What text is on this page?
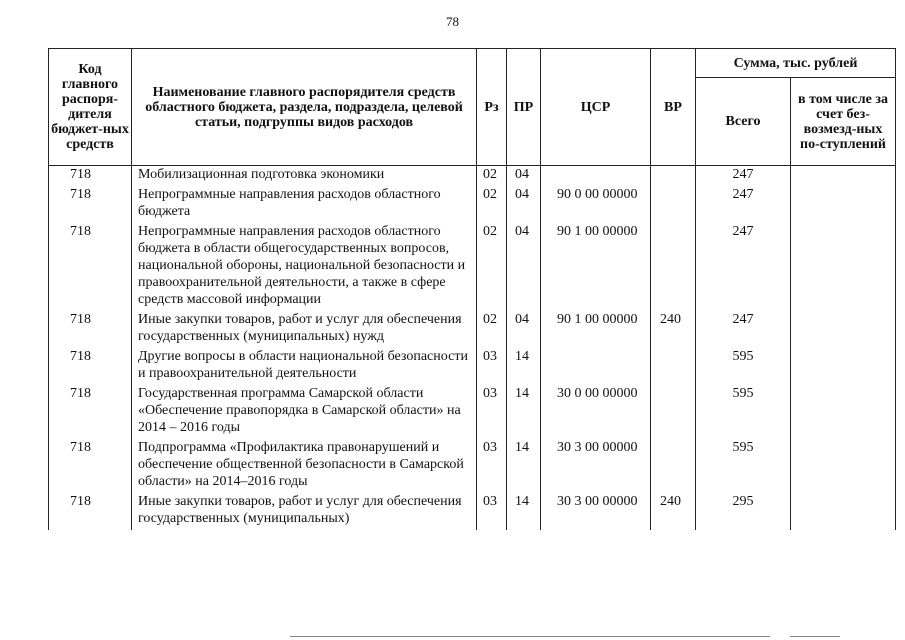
78
Код главного распоря-дителя бюджет-ных средств	Наименование главного распорядителя средств областного бюджета, раздела, подраздела, целевой статьи, подгруппы видов расходов	Рз	ПР	ЦСР	ВР	Сумма, тыс. рублей	
						Всего	в том числе за счет без-возмезд-ных по-ступлений
718	Мобилизационная подготовка экономики	02	04			247	
718	Непрограммные направления расходов областного бюджета	02	04	90 0 00 00000		247	
718	Непрограммные направления расходов областного бюджета в области общегосударственных вопросов, национальной обороны, национальной безопасности и правоохранительной деятельности, а также в сфере средств массовой информации	02	04	90 1 00 00000		247	
718	Иные закупки товаров, работ и услуг для обеспечения государственных (муниципальных) нужд	02	04	90 1 00 00000	240	247	
718	Другие вопросы в области национальной безопасности и правоохранительной деятельности	03	14			595	
718	Государственная программа Самарской области «Обеспечение правопорядка в Самарской области» на 2014 – 2016 годы	03	14	30 0 00 00000		595	
718	Подпрограмма «Профилактика правонарушений и обеспечение общественной безопасности в Самарской области» на 2014–2016 годы	03	14	30 3 00 00000		595	
718	Иные закупки товаров, работ и услуг для обеспечения государственных (муниципальных)	03	14	30 3 00 00000	240	295	
